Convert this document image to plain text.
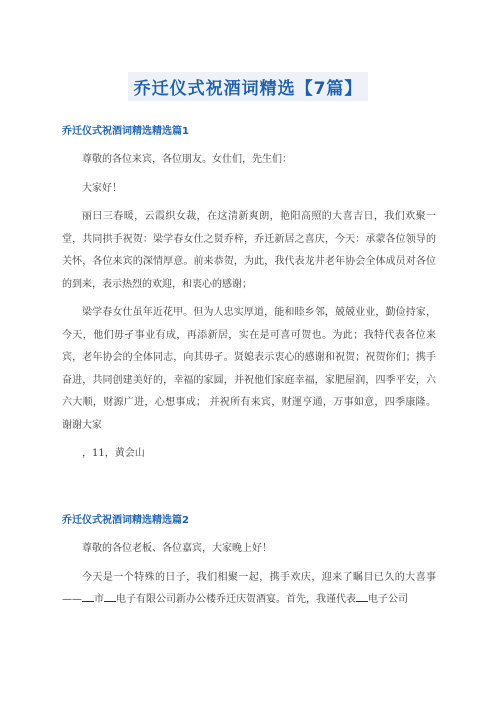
乔迁仪式祝酒词精选【7篇】

乔迁仪式祝酒词精选精选篇1

尊敬的各位来宾，各位朋友。女仕们，先生们：

大家好！

丽曰三春暖，云霞织女裁，在这清新爽朗，艳阳高照的大喜吉日，我们欢聚一堂，共同拱手祝贺：梁学春女仕之贤乔梓，乔迁新居之喜庆，今天：承蒙各位领导的关怀，各位来宾的深情厚意。前来恭贺，为此，我代表龙井老年协会全体成员对各位的到来，表示热烈的欢迎，和衷心的感谢；

梁学春女仕虽年近花甲。但为人忠实厚道，能和睦乡邻，兢兢业业，勤俭持家，今天，他们毋孑事业有成，再添新居，实在是可喜可贺也。为此；我特代表各位来宾，老年协会的全体同志，向其毋孑。贤媳表示衷心的感谢和祝贺；祝贺你们；携手奋进，共同创建美好的，幸福的家圆，并祝他们家庭幸福，家肥屋润，四季平安，六六大顺，财源广进，心想事成； 并祝所有来宾，财運亨通，万事如意，四季康隆。 谢谢大家

，11，黄会山

乔迁仪式祝酒词精选精选篇2

尊敬的各位老板、各位嘉宾，大家晚上好！

今天是一个特殊的日子，我们相聚一起，携手欢庆，迎来了瞩目已久的大喜事—— 市 电子有限公司新办公楼乔迁庆贺酒宴。首先，我谨代表 电子公司
